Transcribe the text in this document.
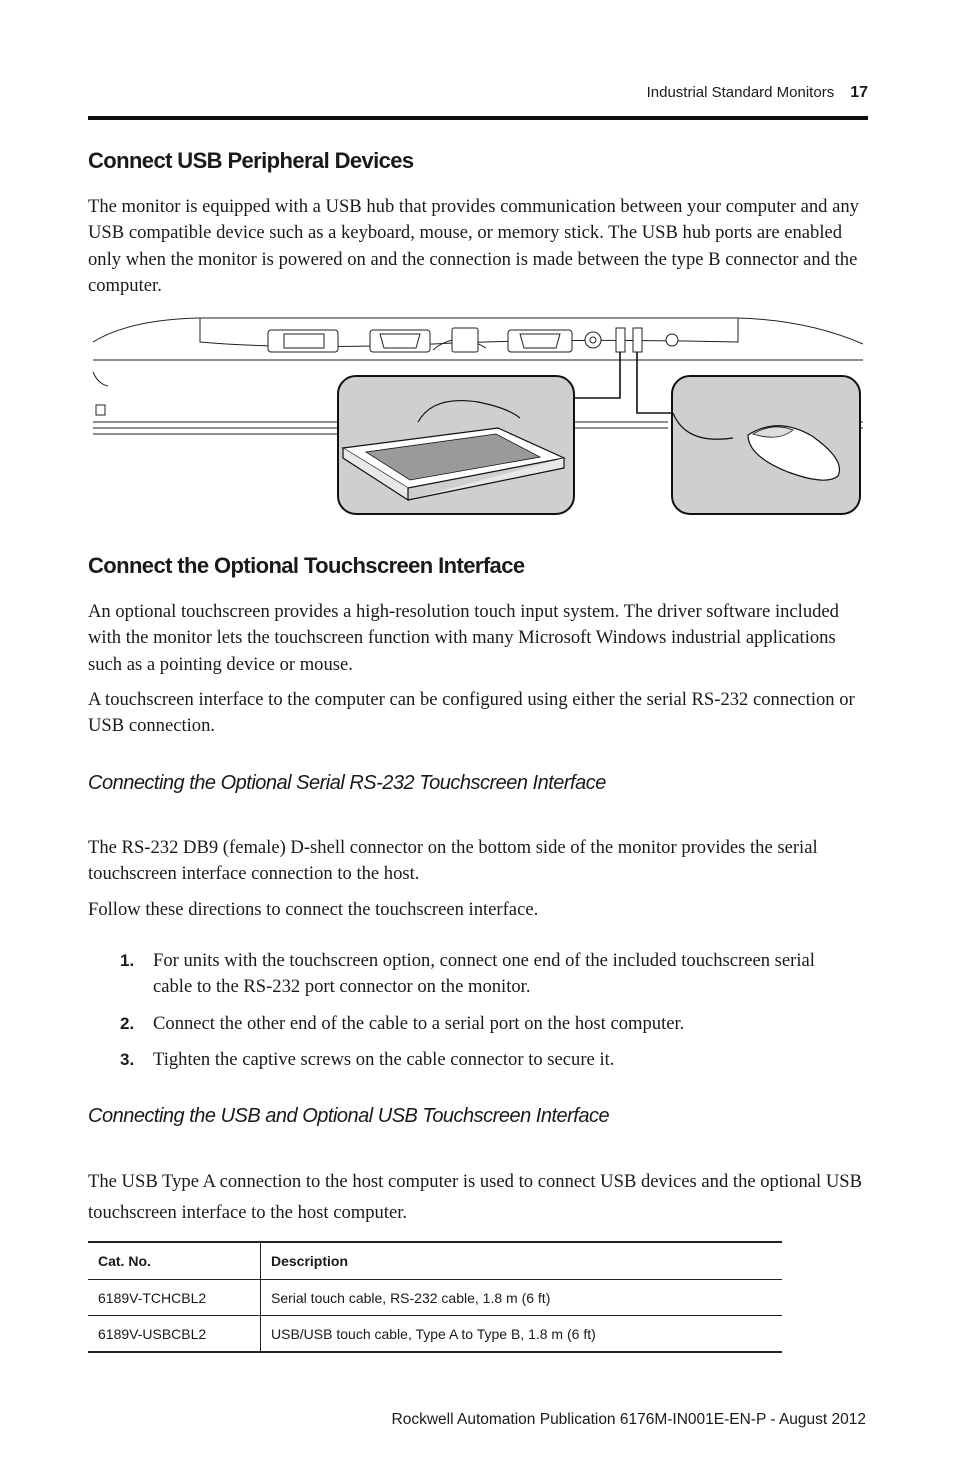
Industrial Standard Monitors 17
Connect USB Peripheral Devices

The monitor is equipped with a USB hub that provides communication between your computer and any USB compatible device such as a keyboard, mouse, or memory stick. The USB hub ports are enabled only when the monitor is powered on and the connection is made between the type B connector and the computer.

Connect the Optional Touchscreen Interface

An optional touchscreen provides a high-resolution touch input system. The driver software included with the monitor lets the touchscreen function with many Microsoft Windows industrial applications such as a pointing device or mouse.

A touchscreen interface to the computer can be configured using either the serial RS-232 connection or USB connection.

Connecting the Optional Serial RS-232 Touchscreen Interface

The RS-232 DB9 (female) D-shell connector on the bottom side of the monitor provides the serial touchscreen interface connection to the host.

Follow these directions to connect the touchscreen interface.

1. For units with the touchscreen option, connect one end of the included touchscreen serial cable to the RS-232 port connector on the monitor.
2. Connect the other end of the cable to a serial port on the host computer.
3. Tighten the captive screws on the cable connector to secure it.
Connecting the USB and Optional USB Touchscreen Interface

The USB Type A connection to the host computer is used to connect USB devices and the optional USB touchscreen interface to the host computer.

Cat. No.	Description
6189V-TCHCBL2	Serial touch cable, RS-232 cable, 1.8 m (6 ft)
6189V-USBCBL2	USB/USB touch cable, Type A to Type B, 1.8 m (6 ft)
Rockwell Automation Publication 6176M-IN001E-EN-P - August 2012
